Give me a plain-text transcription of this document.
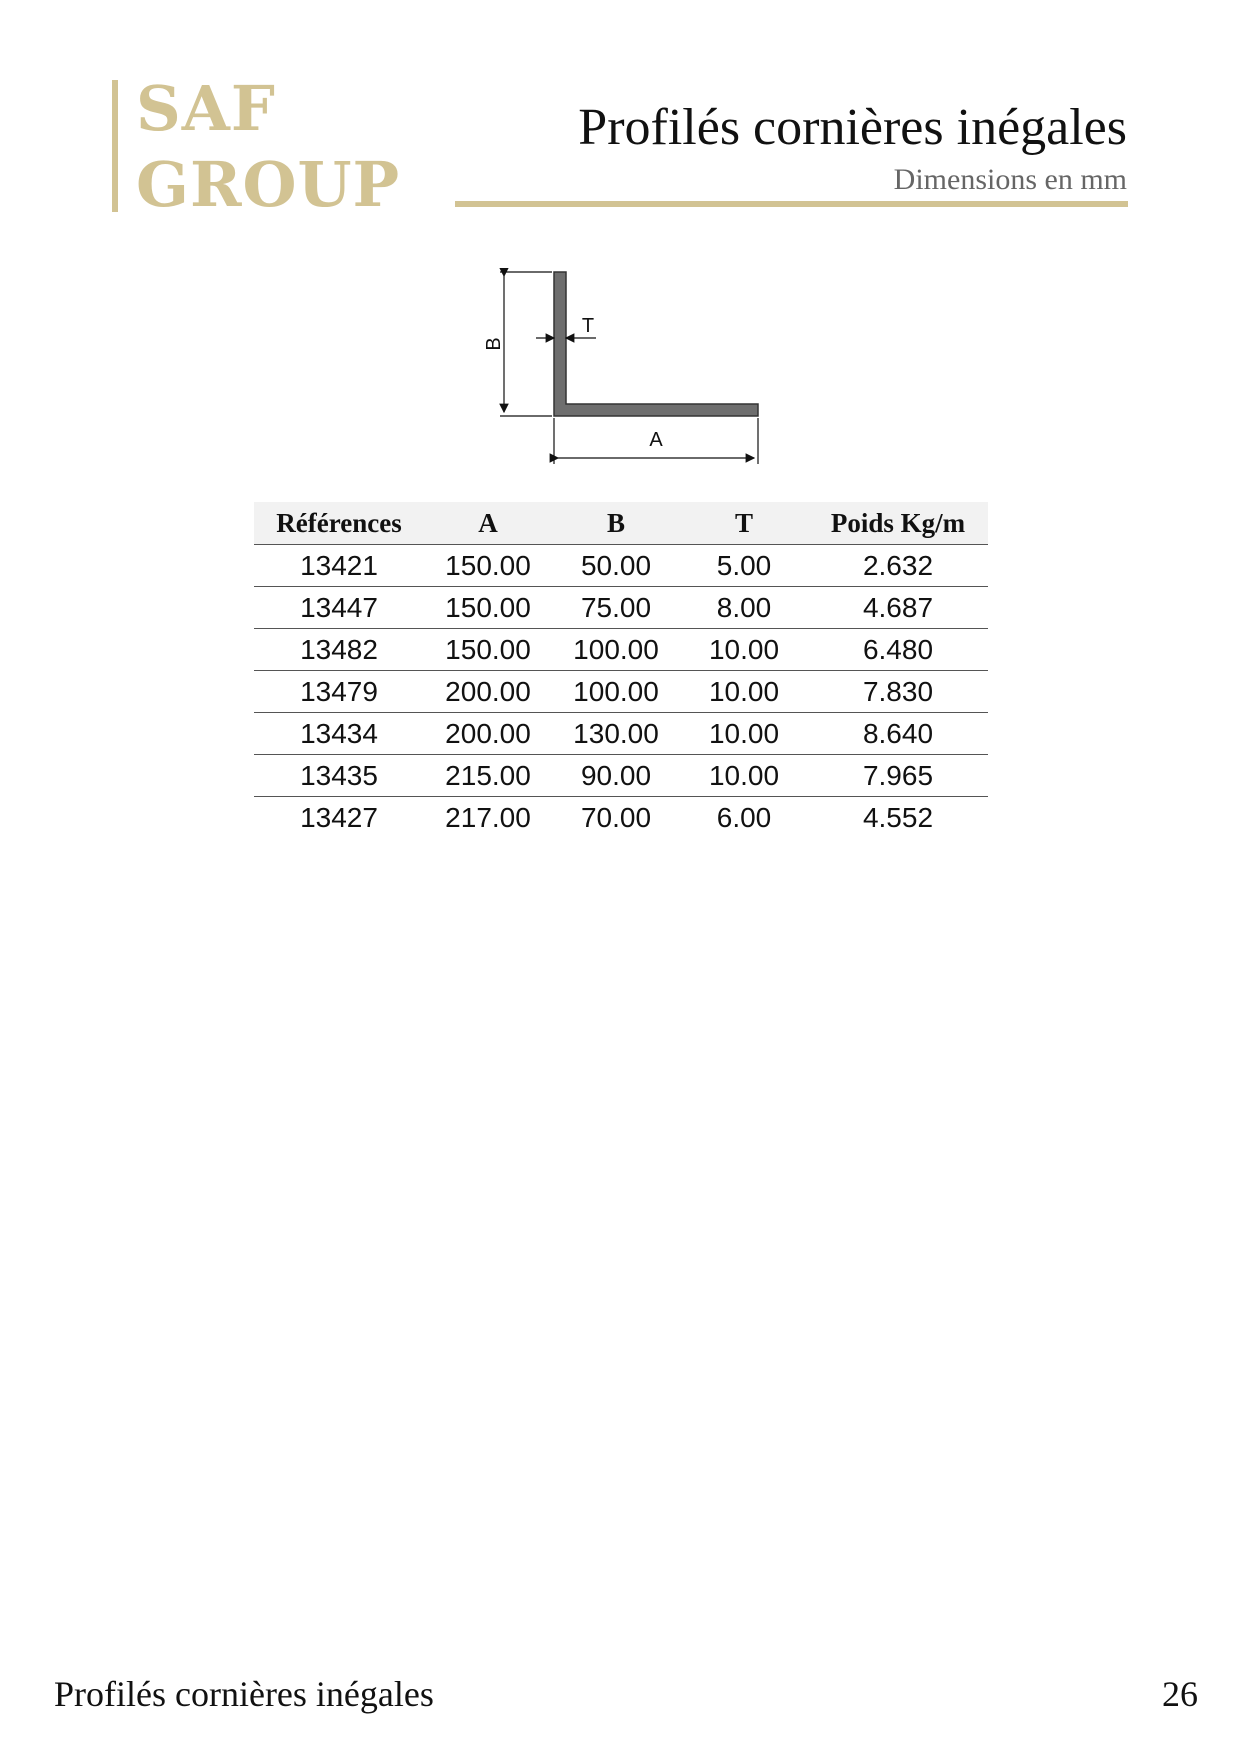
SAF
GROUP
Profilés cornières inégales
Dimensions en mm
B
T
A
Références	A	B	T	Poids Kg/m
13421	150.00	50.00	5.00	2.632
13447	150.00	75.00	8.00	4.687
13482	150.00	100.00	10.00	6.480
13479	200.00	100.00	10.00	7.830
13434	200.00	130.00	10.00	8.640
13435	215.00	90.00	10.00	7.965
13427	217.00	70.00	6.00	4.552
Profilés cornières inégales	26
